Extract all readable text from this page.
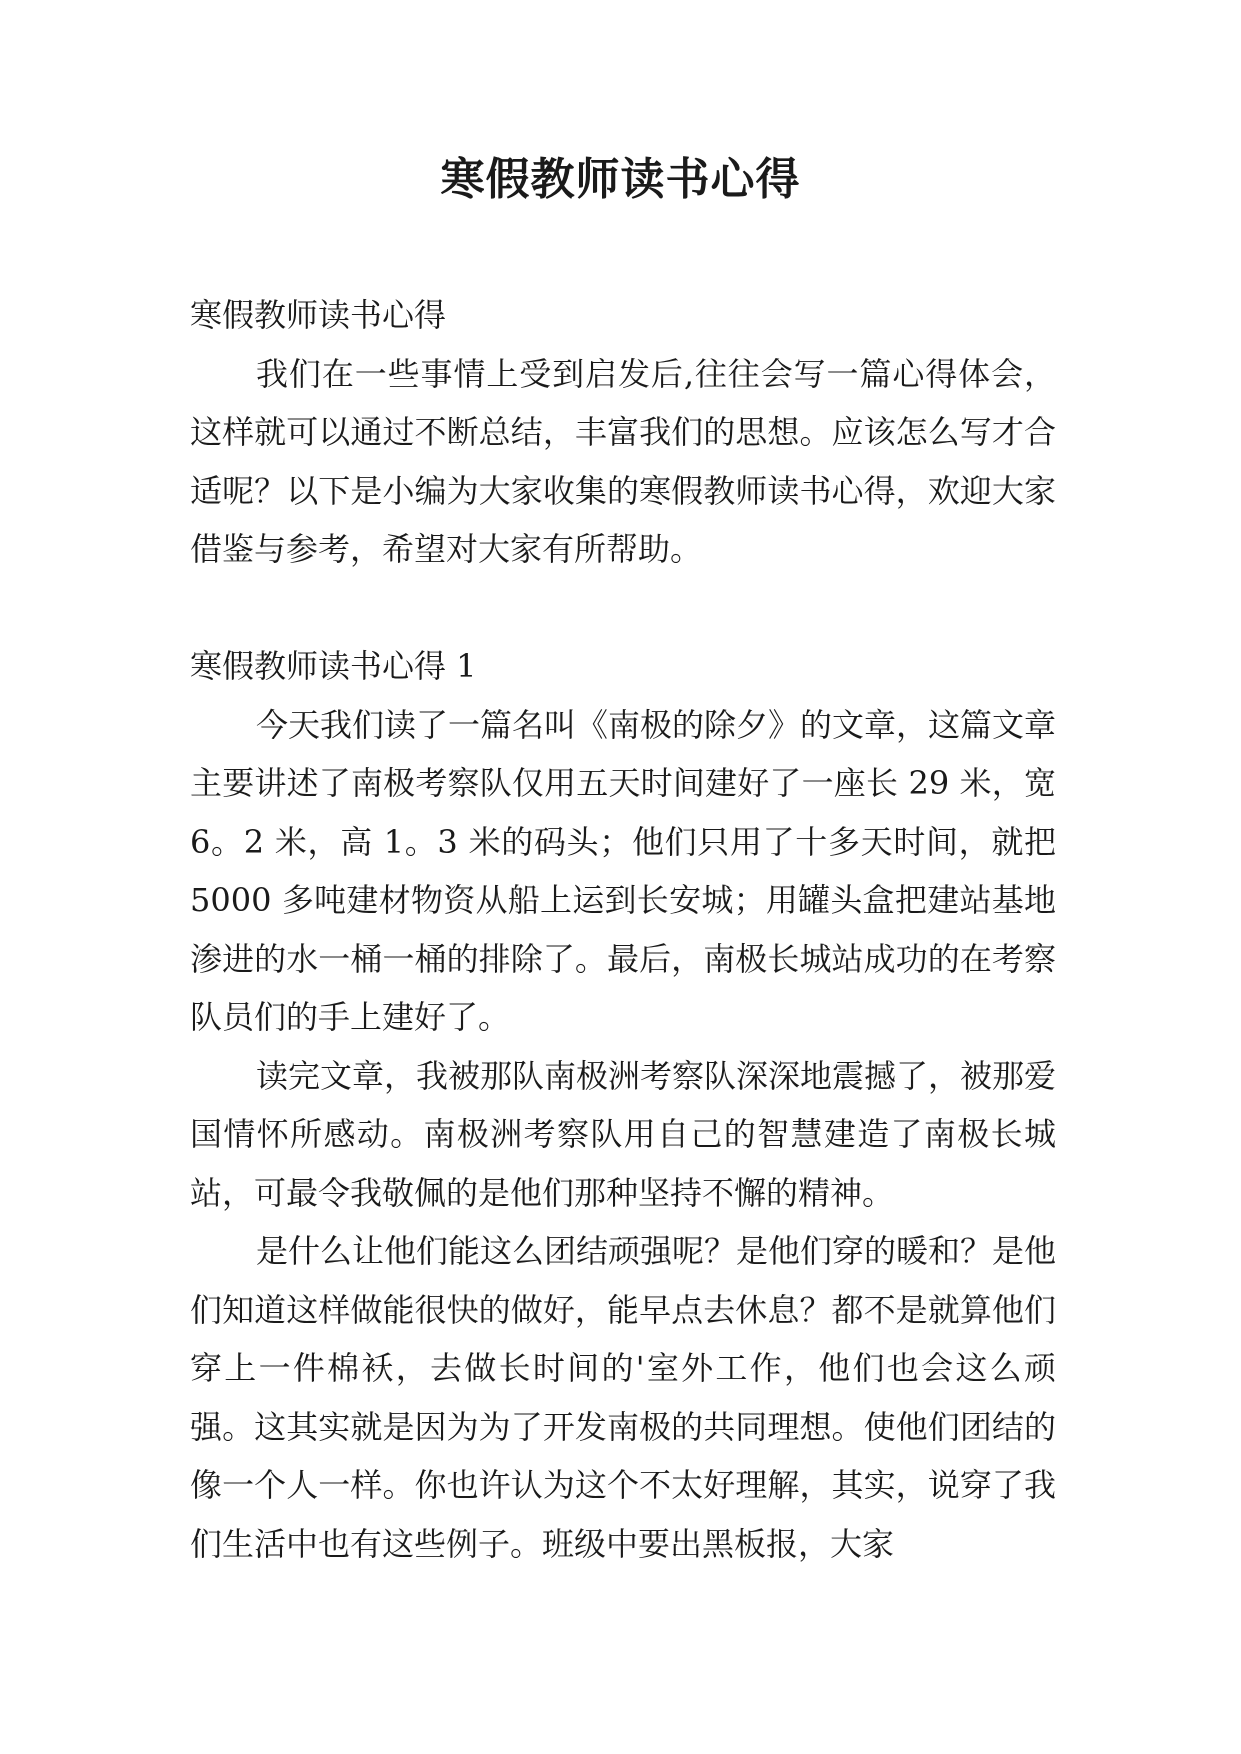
寒假教师读书心得

寒假教师读书心得

我们在一些事情上受到启发后,往往会写一篇心得体会，这样就可以通过不断总结，丰富我们的思想。应该怎么写才合适呢？以下是小编为大家收集的寒假教师读书心得，欢迎大家借鉴与参考，希望对大家有所帮助。

寒假教师读书心得 1

今天我们读了一篇名叫《南极的除夕》的文章，这篇文章主要讲述了南极考察队仅用五天时间建好了一座长 29 米，宽 6。2 米，高 1。3 米的码头；他们只用了十多天时间，就把 5000 多吨建材物资从船上运到长安城；用罐头盒把建站基地渗进的水一桶一桶的排除了。最后，南极长城站成功的在考察队员们的手上建好了。

读完文章，我被那队南极洲考察队深深地震撼了，被那爱国情怀所感动。南极洲考察队用自己的智慧建造了南极长城站，可最令我敬佩的是他们那种坚持不懈的精神。

是什么让他们能这么团结顽强呢？是他们穿的暖和？是他们知道这样做能很快的做好，能早点去休息？都不是就算他们穿上一件棉袄，去做长时间的'室外工作，他们也会这么顽强。这其实就是因为为了开发南极的共同理想。使他们团结的像一个人一样。你也许认为这个不太好理解，其实，说穿了我们生活中也有这些例子。班级中要出黑板报，大家
